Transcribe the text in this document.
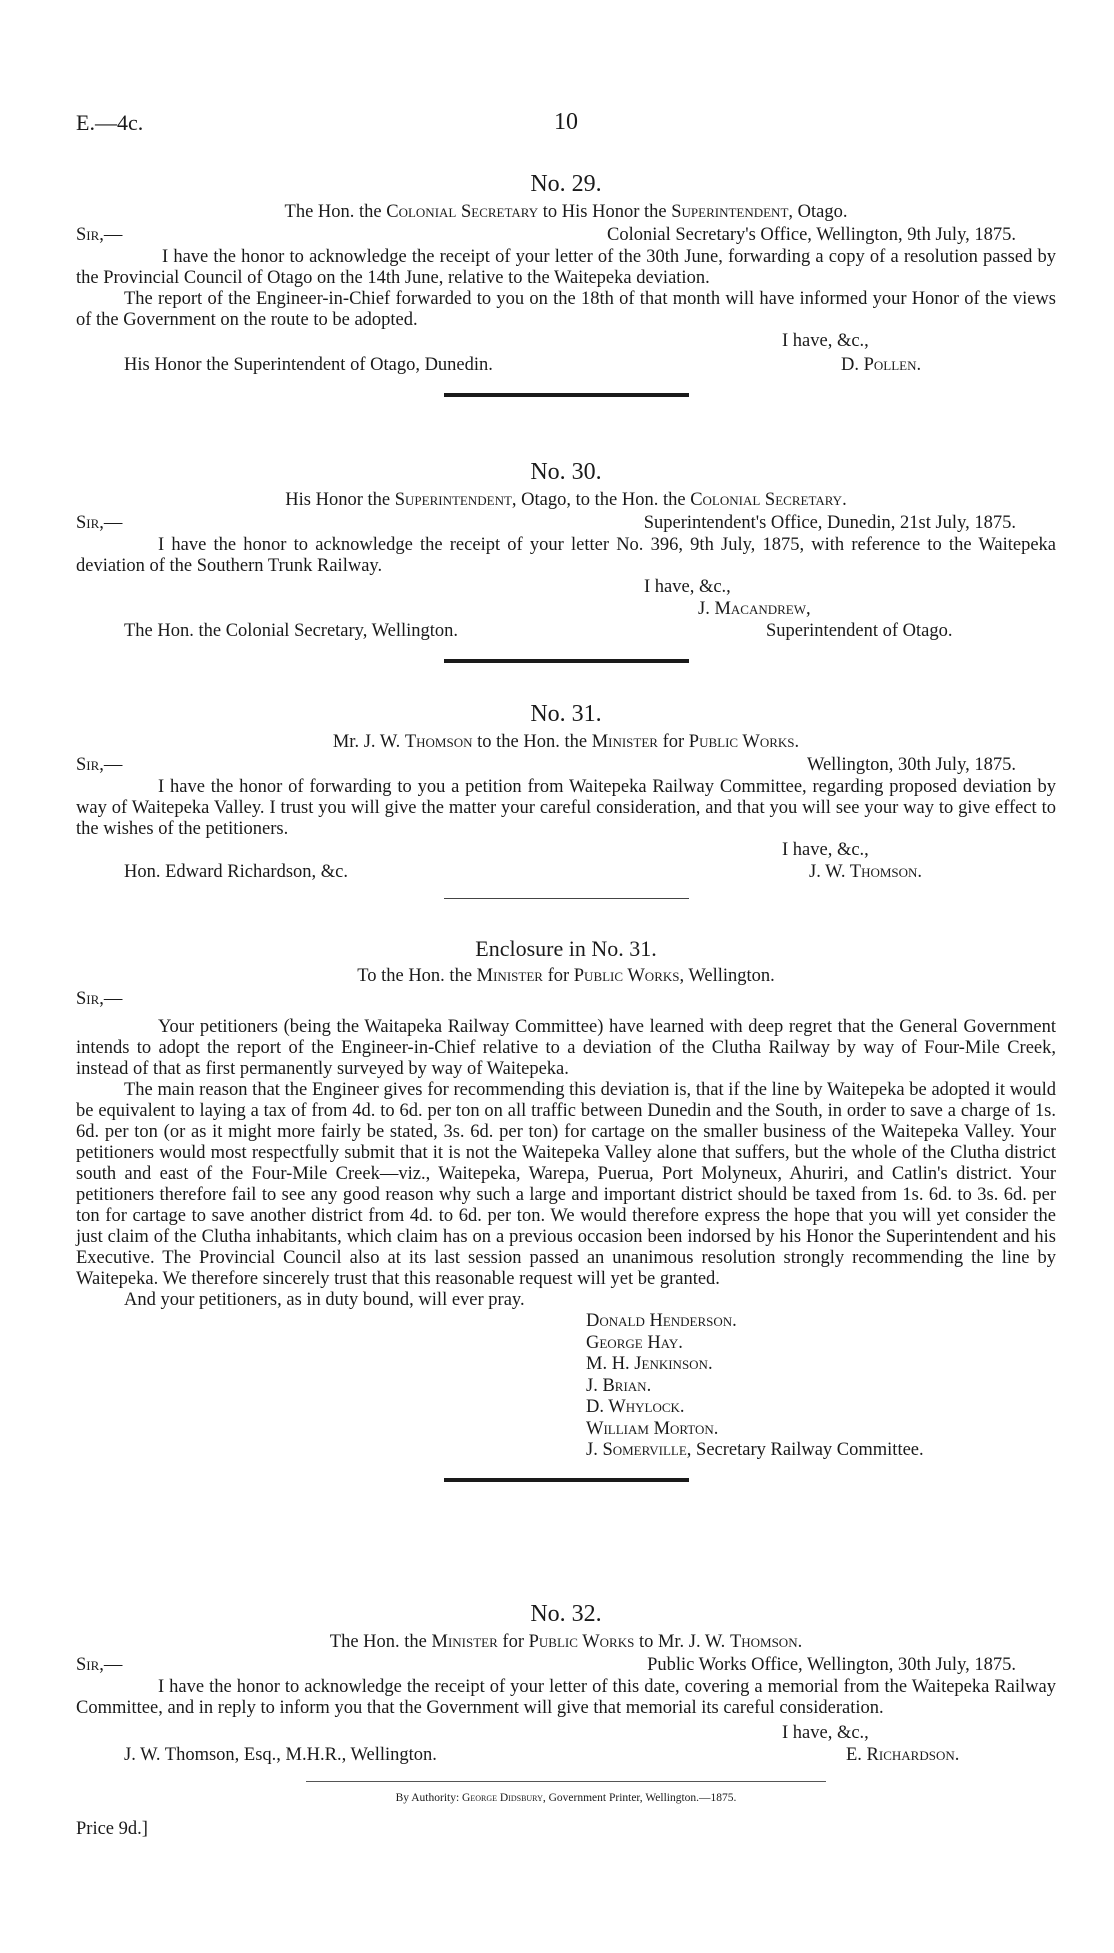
E.—4c.	10

No. 29.

The Hon. the Colonial Secretary to His Honor the Superintendent, Otago.
Sir,—	Colonial Secretary's Office, Wellington, 9th July, 1875.

I have the honor to acknowledge the receipt of your letter of the 30th June, forwarding a copy of a resolution passed by the Provincial Council of Otago on the 14th June, relative to the Waitepeka deviation.

The report of the Engineer-in-Chief forwarded to you on the 18th of that month will have informed your Honor of the views of the Government on the route to be adopted.

I have, &c.,
His Honor the Superintendent of Otago, Dunedin.	D. Pollen.

No. 30.

His Honor the Superintendent, Otago, to the Hon. the Colonial Secretary.
Sir,—	Superintendent's Office, Dunedin, 21st July, 1875.

I have the honor to acknowledge the receipt of your letter No. 396, 9th July, 1875, with reference to the Waitepeka deviation of the Southern Trunk Railway.

I have, &c.,
J. Macandrew,
The Hon. the Colonial Secretary, Wellington.	Superintendent of Otago.

No. 31.

Mr. J. W. Thomson to the Hon. the Minister for Public Works.
Sir,—	Wellington, 30th July, 1875.

I have the honor of forwarding to you a petition from Waitepeka Railway Committee, regarding proposed deviation by way of Waitepeka Valley. I trust you will give the matter your careful consideration, and that you will see your way to give effect to the wishes of the petitioners.

I have, &c.,
Hon. Edward Richardson, &c.	J. W. Thomson.

Enclosure in No. 31.

To the Hon. the Minister for Public Works, Wellington.
Sir,—

Your petitioners (being the Waitapeka Railway Committee) have learned with deep regret that the General Government intends to adopt the report of the Engineer-in-Chief relative to a deviation of the Clutha Railway by way of Four-Mile Creek, instead of that as first permanently surveyed by way of Waitepeka.

The main reason that the Engineer gives for recommending this deviation is, that if the line by Waitepeka be adopted it would be equivalent to laying a tax of from 4d. to 6d. per ton on all traffic between Dunedin and the South, in order to save a charge of 1s. 6d. per ton (or as it might more fairly be stated, 3s. 6d. per ton) for cartage on the smaller business of the Waitepeka Valley. Your petitioners would most respectfully submit that it is not the Waitepeka Valley alone that suffers, but the whole of the Clutha district south and east of the Four-Mile Creek—viz., Waitepeka, Warepa, Puerua, Port Molyneux, Ahuriri, and Catlin's district. Your petitioners therefore fail to see any good reason why such a large and important district should be taxed from 1s. 6d. to 3s. 6d. per ton for cartage to save another district from 4d. to 6d. per ton. We would therefore express the hope that you will yet consider the just claim of the Clutha inhabitants, which claim has on a previous occasion been indorsed by his Honor the Superintendent and his Executive. The Provincial Council also at its last session passed an unanimous resolution strongly recommending the line by Waitepeka. We therefore sincerely trust that this reasonable request will yet be granted.

And your petitioners, as in duty bound, will ever pray.

Donald Henderson.
George Hay.
M. H. Jenkinson.
J. Brian.
D. Whylock.
William Morton.
J. Somerville, Secretary Railway Committee.

No. 32.

The Hon. the Minister for Public Works to Mr. J. W. Thomson.
Sir,—	Public Works Office, Wellington, 30th July, 1875.

I have the honor to acknowledge the receipt of your letter of this date, covering a memorial from the Waitepeka Railway Committee, and in reply to inform you that the Government will give that memorial its careful consideration.

I have, &c.,
J. W. Thomson, Esq., M.H.R., Wellington.	E. Richardson.
By Authority: George Didsbury, Government Printer, Wellington.—1875.
Price 9d.]
